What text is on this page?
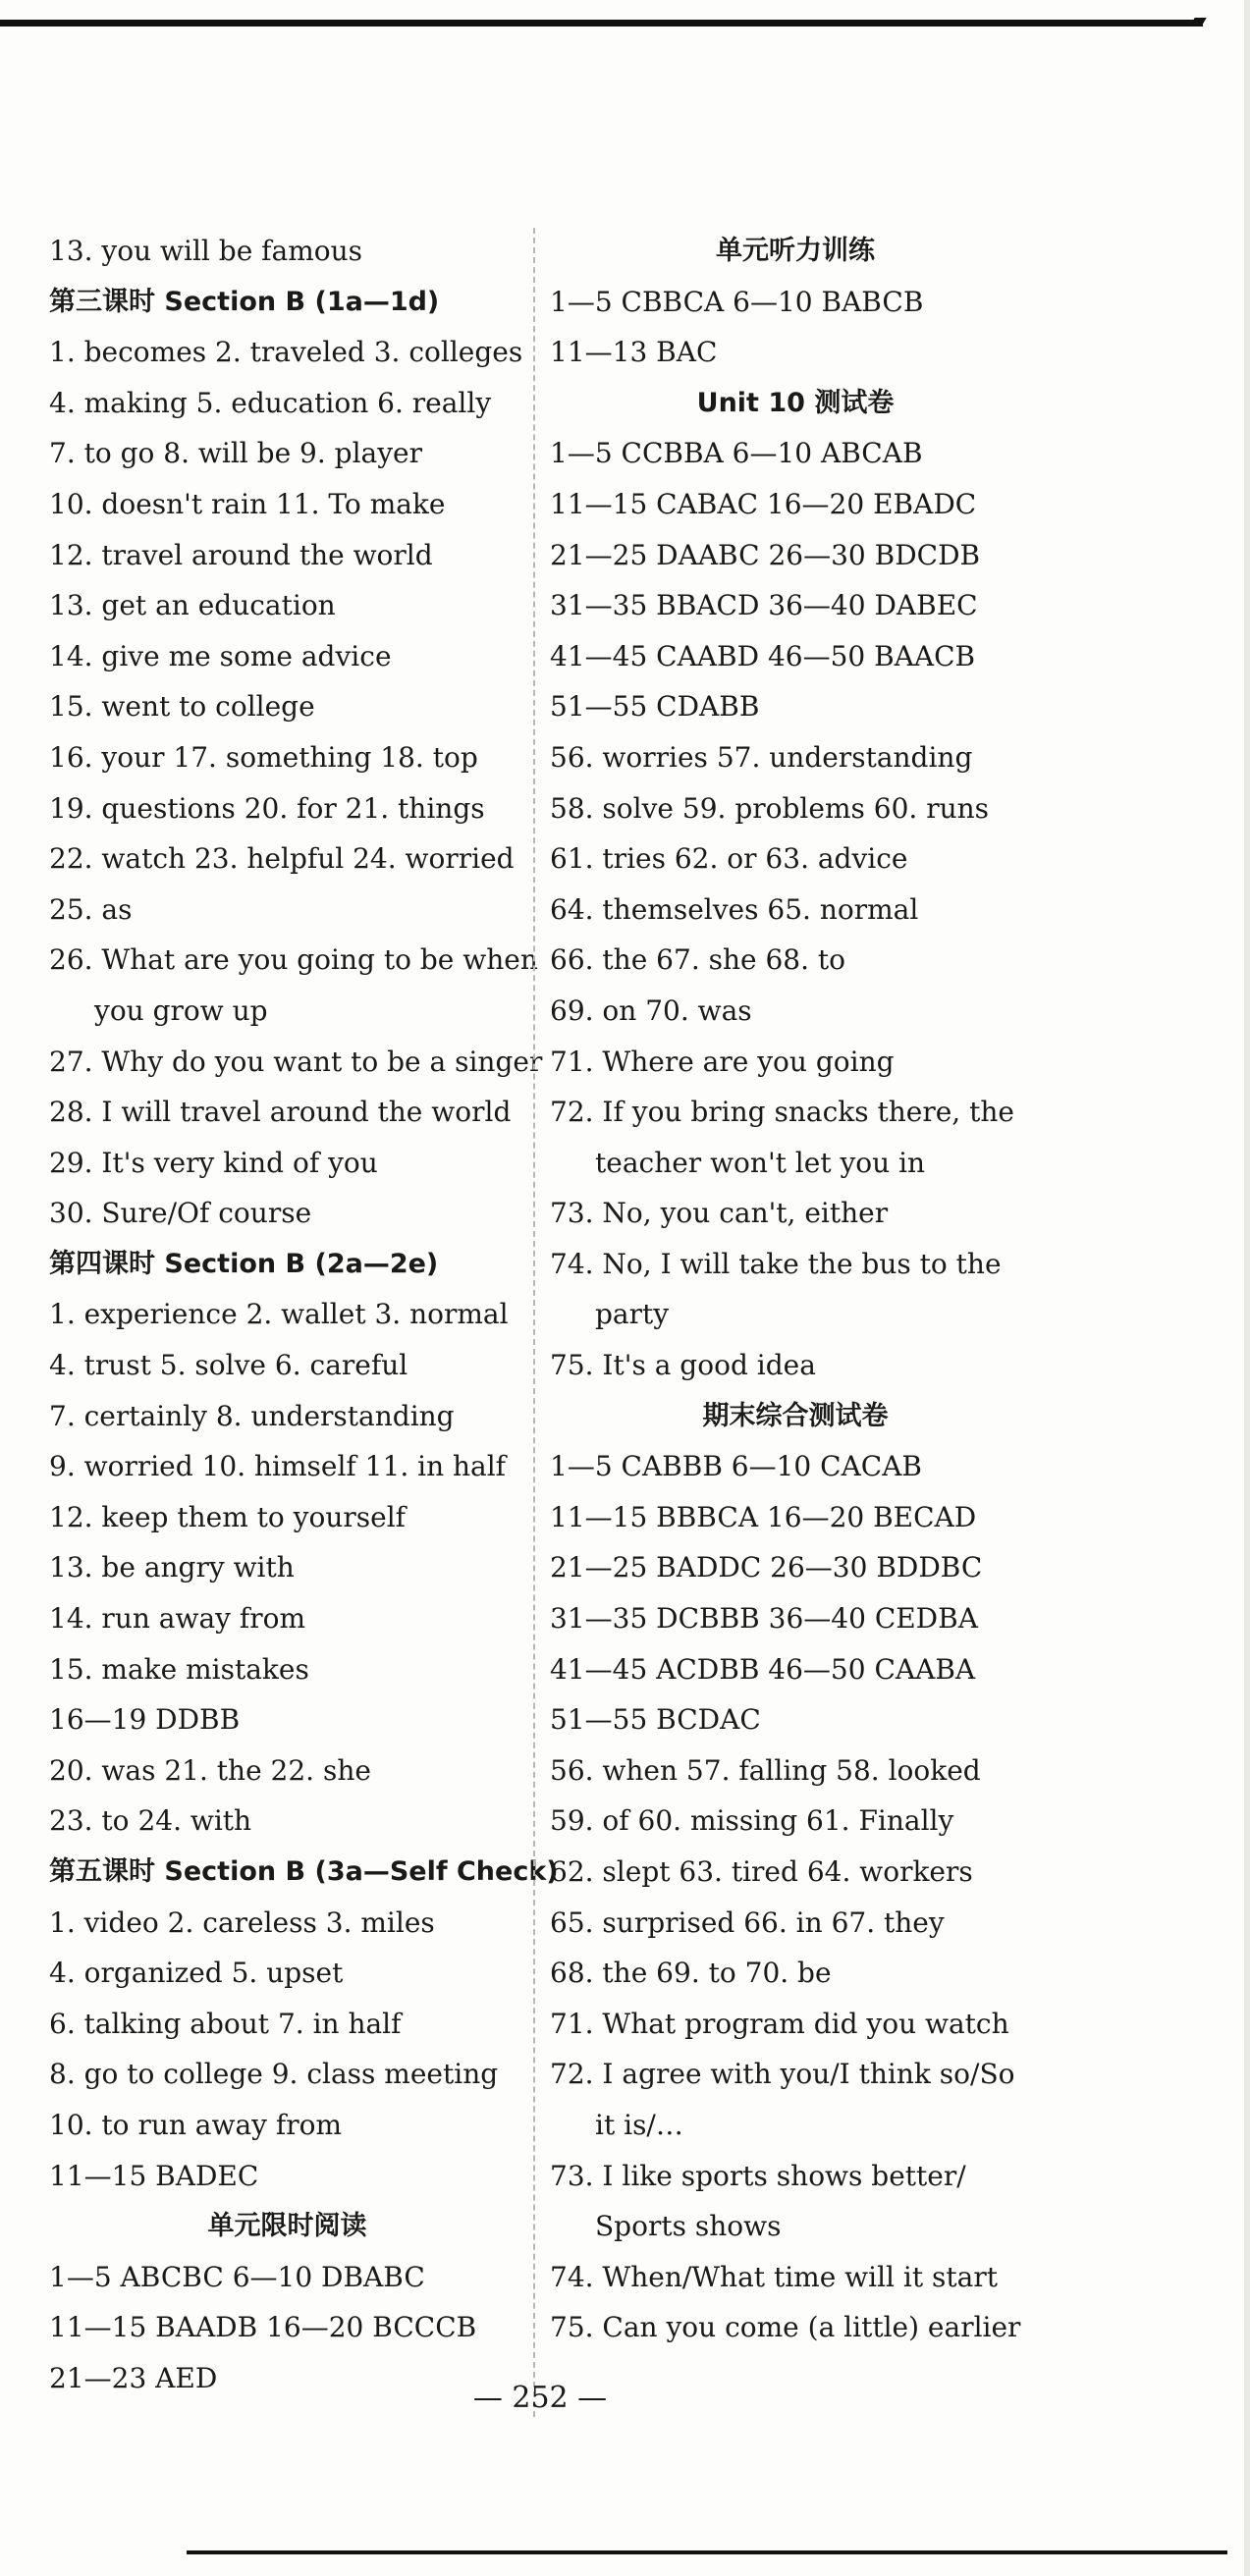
13. you will be famous
第三课时 Section B (1a—1d)
1. becomes 2. traveled 3. colleges
4. making 5. education 6. really
7. to go 8. will be 9. player
10. doesn't rain 11. To make
12. travel around the world
13. get an education
14. give me some advice
15. went to college
16. your 17. something 18. top
19. questions 20. for 21. things
22. watch 23. helpful 24. worried
25. as
26. What are you going to be when
you grow up
27. Why do you want to be a singer
28. I will travel around the world
29. It's very kind of you
30. Sure/Of course
第四课时 Section B (2a—2e)
1. experience 2. wallet 3. normal
4. trust 5. solve 6. careful
7. certainly 8. understanding
9. worried 10. himself 11. in half
12. keep them to yourself
13. be angry with
14. run away from
15. make mistakes
16—19 DDBB
20. was 21. the 22. she
23. to 24. with
第五课时 Section B (3a—Self Check)
1. video 2. careless 3. miles
4. organized 5. upset
6. talking about 7. in half
8. go to college 9. class meeting
10. to run away from
11—15 BADEC
单元限时阅读
1—5 ABCBC 6—10 DBABC
11—15 BAADB 16—20 BCCCB
21—23 AED
单元听力训练
1—5 CBBCA 6—10 BABCB
11—13 BAC
Unit 10 测试卷
1—5 CCBBA 6—10 ABCAB
11—15 CABAC 16—20 EBADC
21—25 DAABC 26—30 BDCDB
31—35 BBACD 36—40 DABEC
41—45 CAABD 46—50 BAACB
51—55 CDABB
56. worries 57. understanding
58. solve 59. problems 60. runs
61. tries 62. or 63. advice
64. themselves 65. normal
66. the 67. she 68. to
69. on 70. was
71. Where are you going
72. If you bring snacks there, the
teacher won't let you in
73. No, you can't, either
74. No, I will take the bus to the
party
75. It's a good idea
期末综合测试卷
1—5 CABBB 6—10 CACAB
11—15 BBBCA 16—20 BECAD
21—25 BADDC 26—30 BDDBC
31—35 DCBBB 36—40 CEDBA
41—45 ACDBB 46—50 CAABA
51—55 BCDAC
56. when 57. falling 58. looked
59. of 60. missing 61. Finally
62. slept 63. tired 64. workers
65. surprised 66. in 67. they
68. the 69. to 70. be
71. What program did you watch
72. I agree with you/I think so/So
it is/…
73. I like sports shows better/
Sports shows
74. When/What time will it start
75. Can you come (a little) earlier
— 252 —
